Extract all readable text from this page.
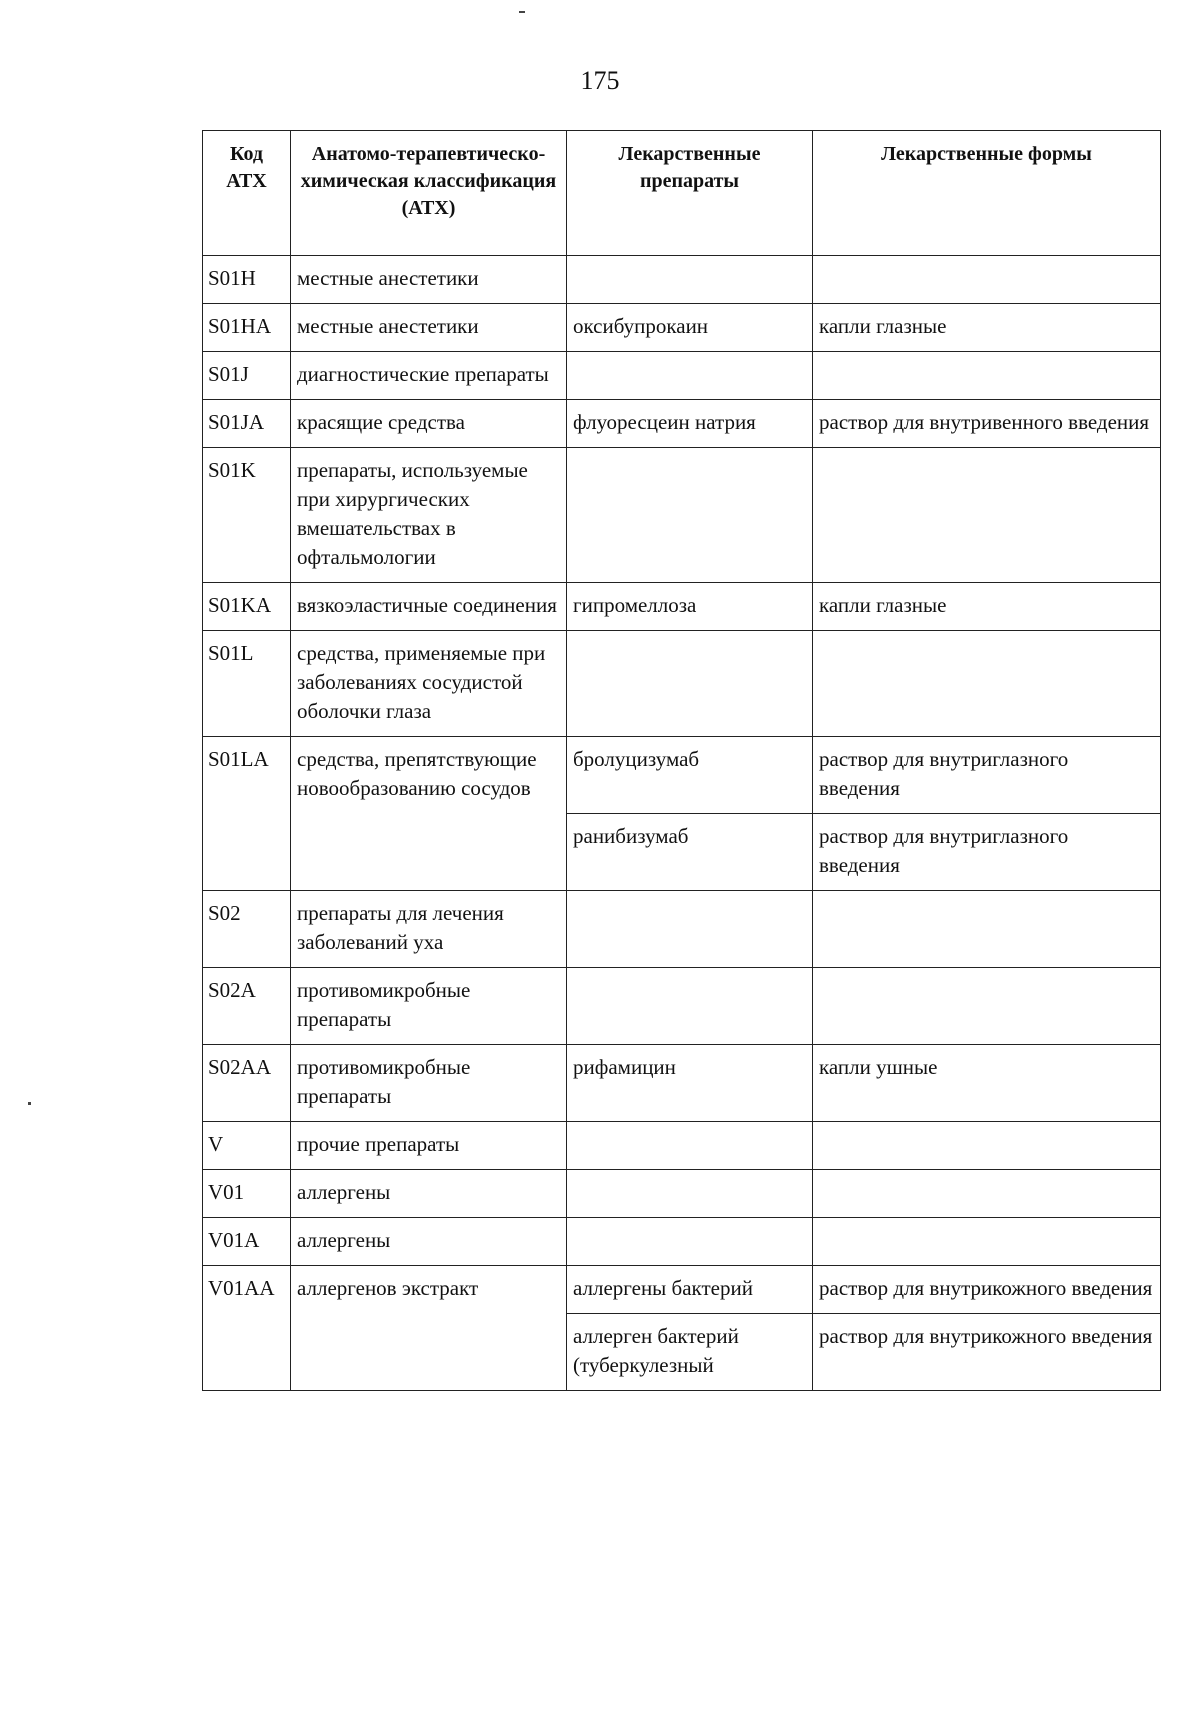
175
Код АТХ	Анатомо-терапевтическо-химическая классификация (АТХ)	Лекарственные препараты	Лекарственные формы
S01H	местные анестетики		
S01HA	местные анестетики	оксибупрокаин	капли глазные
S01J	диагностические препараты		
S01JA	красящие средства	флуоресцеин натрия	раствор для внутривенного введения
S01K	препараты, используемые при хирургических вмешательствах в офтальмологии		
S01KA	вязкоэластичные соединения	гипромеллоза	капли глазные
S01L	средства, применяемые при заболеваниях сосудистой оболочки глаза		
S01LA	средства, препятствующие новообразованию сосудов	бролуцизумаб	раствор для внутриглазного введения
		ранибизумаб	раствор для внутриглазного введения
S02	препараты для лечения заболеваний уха		
S02A	противомикробные препараты		
S02AA	противомикробные препараты	рифамицин	капли ушные
V	прочие препараты		
V01	аллергены		
V01A	аллергены		
V01AA	аллергенов экстракт	аллергены бактерий	раствор для внутрикожного введения
		аллерген бактерий (туберкулезный	раствор для внутрикожного введения
